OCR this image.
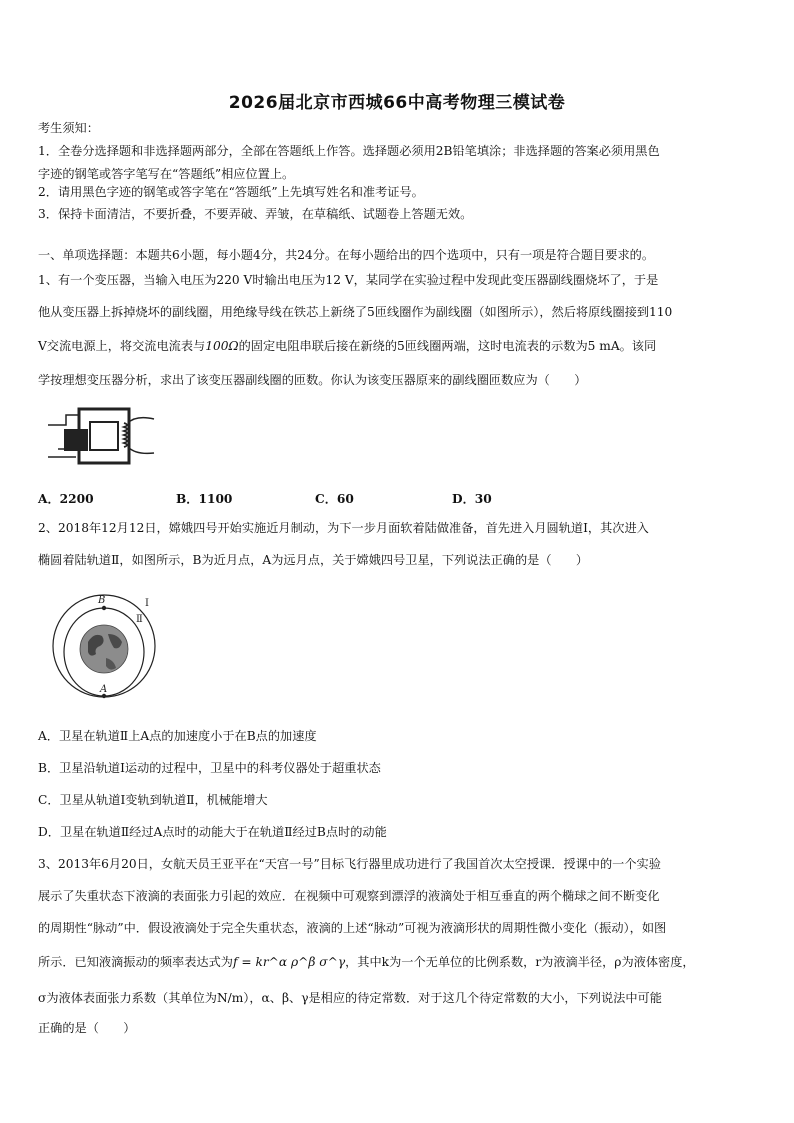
2026届北京市西城66中高考物理三模试卷
考生须知：
1．全卷分选择题和非选择题两部分，全部在答题纸上作答。选择题必须用2B铅笔填涂；非选择题的答案必须用黑色
字迹的钢笔或答字笔写在“答题纸”相应位置上。
2．请用黑色字迹的钢笔或答字笔在“答题纸”上先填写姓名和准考证号。
3．保持卡面清洁，不要折叠，不要弄破、弄皱，在草稿纸、试题卷上答题无效。
一、单项选择题：本题共6小题，每小题4分，共24分。在每小题给出的四个选项中，只有一项是符合题目要求的。
1、有一个变压器，当输入电压为220 V时输出电压为12 V，某同学在实验过程中发现此变压器副线圈烧坏了，于是
他从变压器上拆掉烧坏的副线圈，用绝缘导线在铁芯上新绕了5匝线圈作为副线圈（如图所示），然后将原线圈接到110
V交流电源上，将交流电流表与100Ω的固定电阻串联后接在新绕的5匝线圈两端，这时电流表的示数为5 mA。该同
学按理想变压器分析，求出了该变压器副线圈的匝数。你认为该变压器原来的副线圈匝数应为（　　）
A．2200	B．1100	C．60	D．30
2、2018年12月12日，嫦娥四号开始实施近月制动，为下一步月面软着陆做准备，首先进入月圆轨道Ⅰ，其次进入
椭圆着陆轨道Ⅱ，如图所示，B为近月点，A为远月点，关于嫦娥四号卫星，下列说法正确的是（　　）
B
A
Ⅰ
Ⅱ
A．卫星在轨道Ⅱ上A点的加速度小于在B点的加速度
B．卫星沿轨道Ⅰ运动的过程中，卫星中的科考仪器处于超重状态
C．卫星从轨道Ⅰ变轨到轨道Ⅱ，机械能增大
D．卫星在轨道Ⅱ经过A点时的动能大于在轨道Ⅱ经过B点时的动能
3、2013年6月20日，女航天员王亚平在“天宫一号”目标飞行器里成功进行了我国首次太空授课．授课中的一个实验
展示了失重状态下液滴的表面张力引起的效应．在视频中可观察到漂浮的液滴处于相互垂直的两个椭球之间不断变化
的周期性“脉动”中．假设液滴处于完全失重状态，液滴的上述“脉动”可视为液滴形状的周期性微小变化（振动），如图
所示．已知液滴振动的频率表达式为f = kr^α ρ^β σ^γ，其中k为一个无单位的比例系数，r为液滴半径，ρ为液体密度，
σ为液体表面张力系数（其单位为N/m），α、β、γ是相应的待定常数．对于这几个待定常数的大小，下列说法中可能
正确的是（　　）
